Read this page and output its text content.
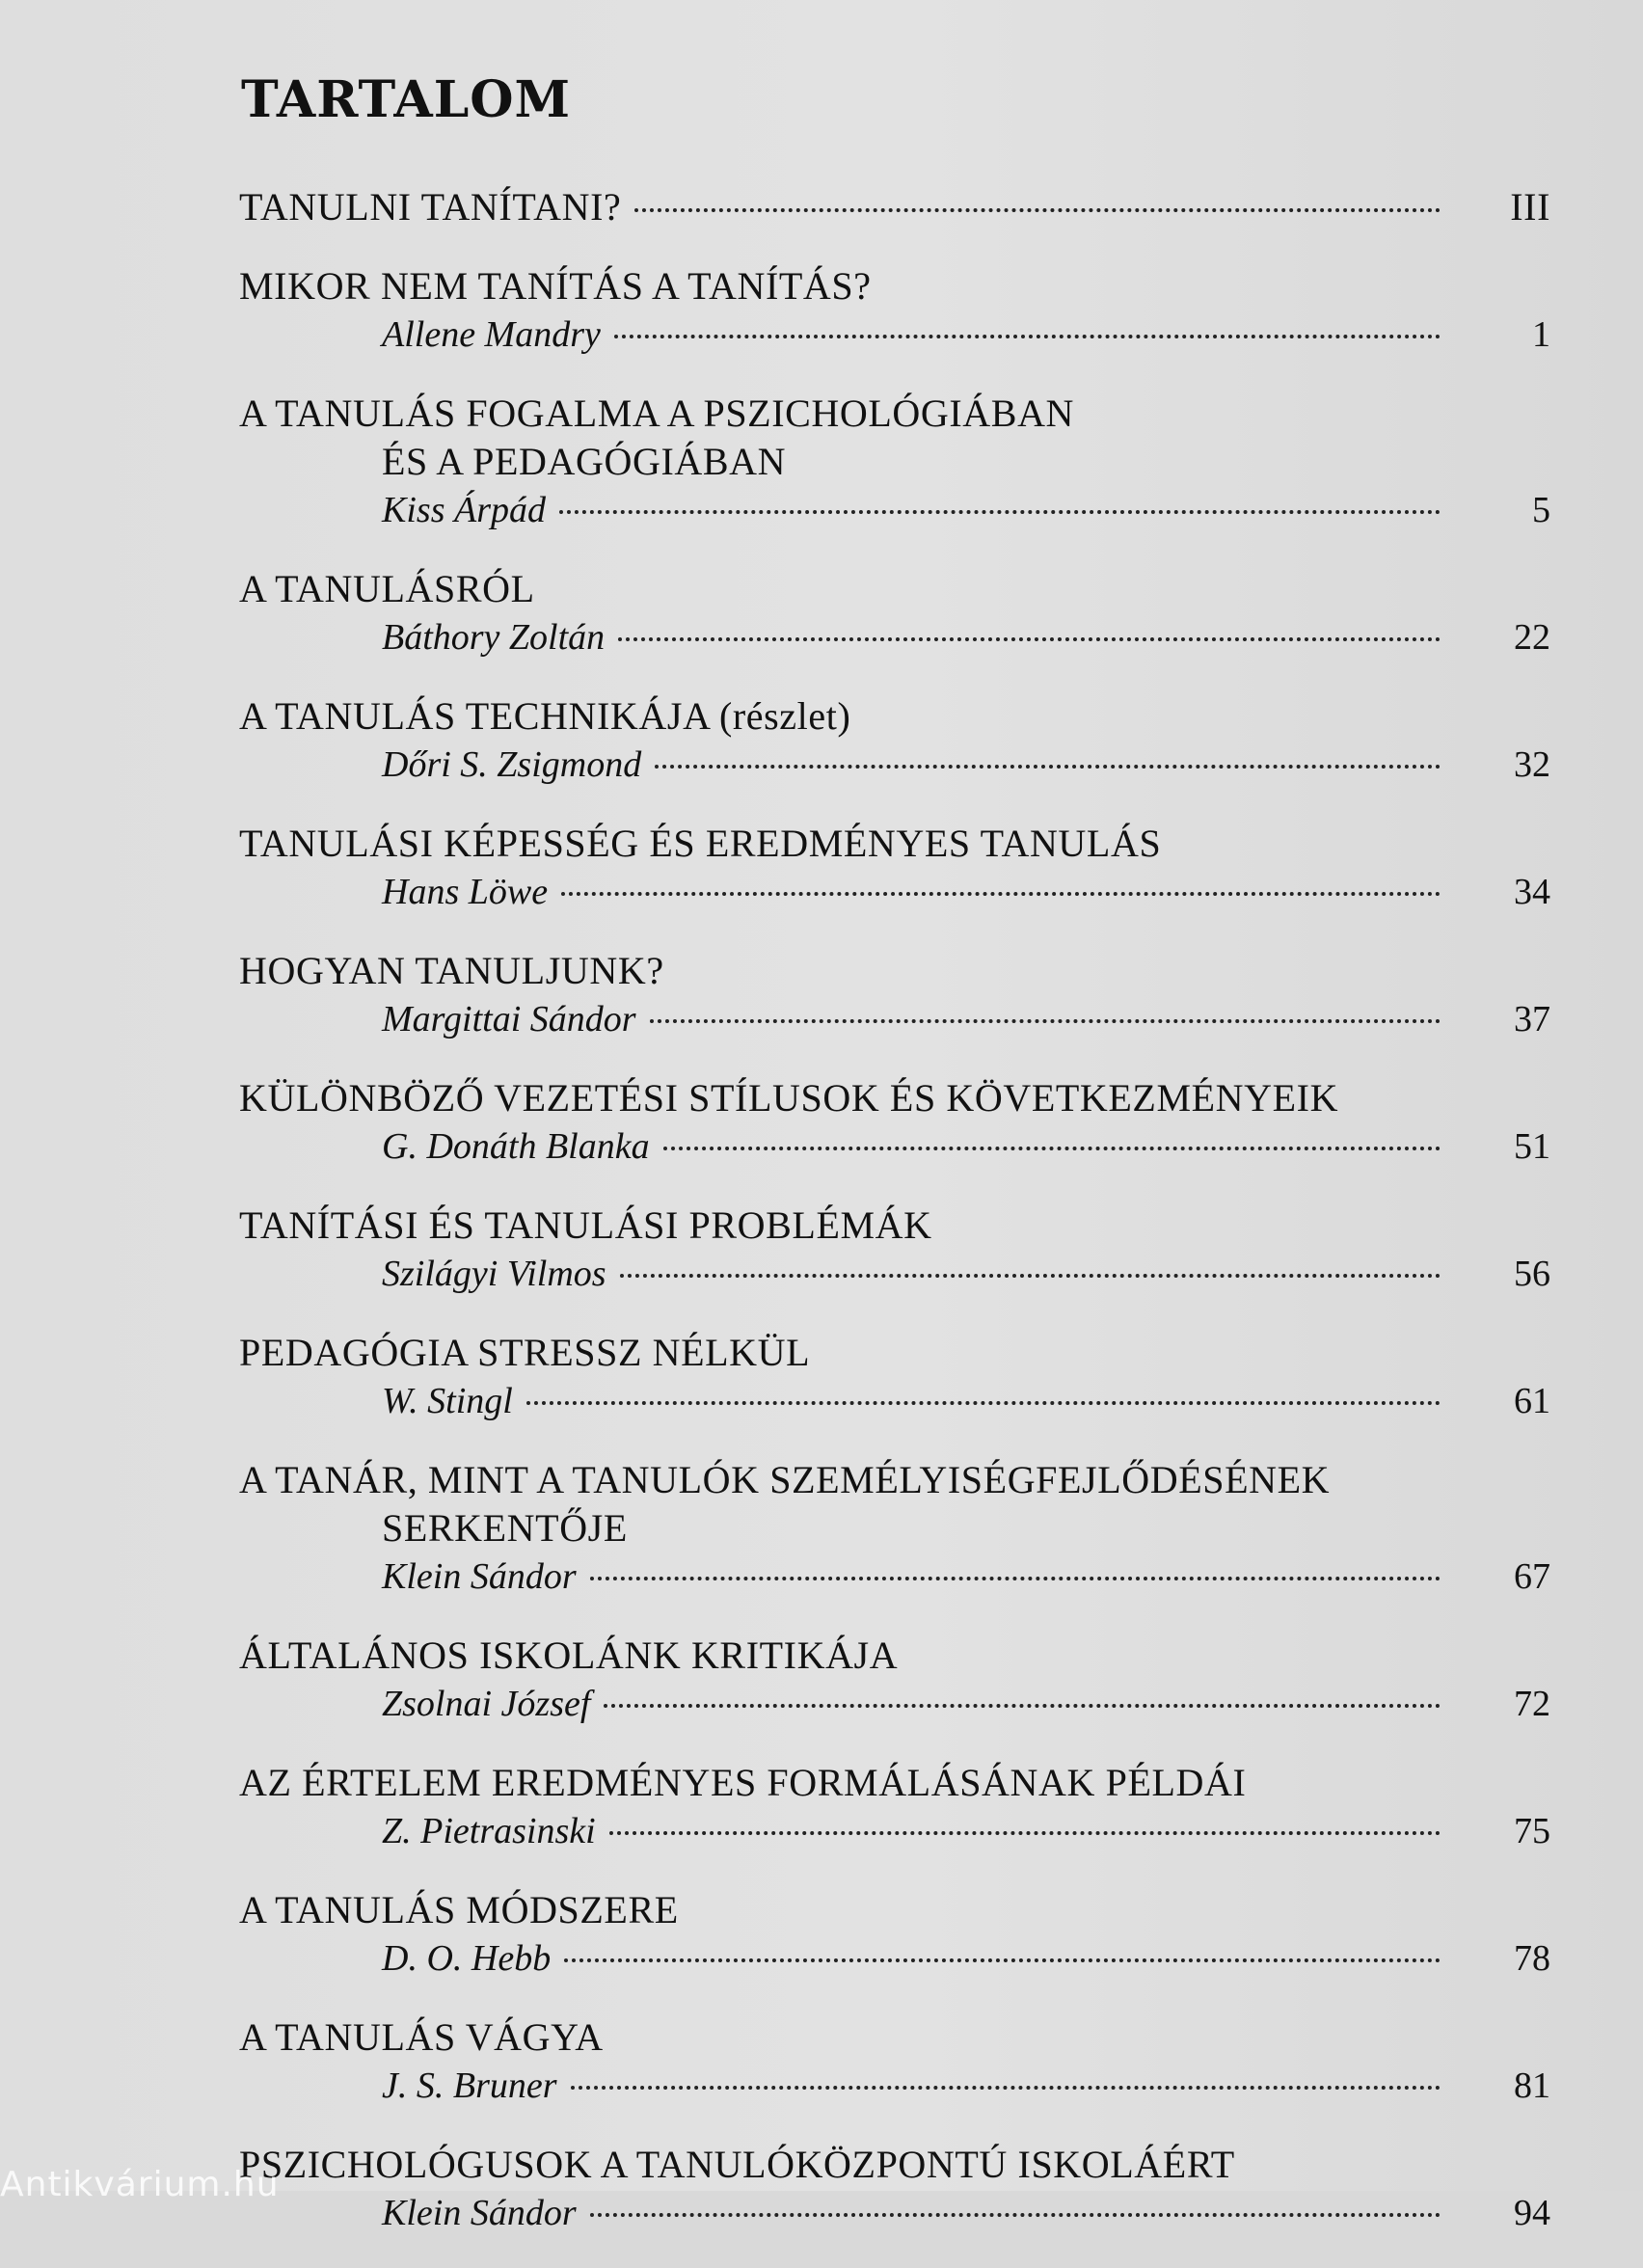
TARTALOM
TANULNI TANÍTANI?	III
MIKOR NEM TANÍTÁS A TANÍTÁS?
Allene Mandry	1
A TANULÁS FOGALMA A PSZICHOLÓGIÁBAN
ÉS A PEDAGÓGIÁBAN
Kiss Árpád	5
A TANULÁSRÓL
Báthory Zoltán	22
A TANULÁS TECHNIKÁJA (részlet)
Dőri S. Zsigmond	32
TANULÁSI KÉPESSÉG ÉS EREDMÉNYES TANULÁS
Hans Löwe	34
HOGYAN TANULJUNK?
Margittai Sándor	37
KÜLÖNBÖZŐ VEZETÉSI STÍLUSOK ÉS KÖVETKEZMÉNYEIK
G. Donáth Blanka	51
TANÍTÁSI ÉS TANULÁSI PROBLÉMÁK
Szilágyi Vilmos	56
PEDAGÓGIA STRESSZ NÉLKÜL
W. Stingl	61
A TANÁR, MINT A TANULÓK SZEMÉLYISÉGFEJLŐDÉSÉNEK
SERKENTŐJE
Klein Sándor	67
ÁLTALÁNOS ISKOLÁNK KRITIKÁJA
Zsolnai József	72
AZ ÉRTELEM EREDMÉNYES FORMÁLÁSÁNAK PÉLDÁI
Z. Pietrasinski	75
A TANULÁS MÓDSZERE
D. O. Hebb	78
A TANULÁS VÁGYA
J. S. Bruner	81
PSZICHOLÓGUSOK A TANULÓKÖZPONTÚ ISKOLÁÉRT
Klein Sándor	94
Antikvárium.hu
